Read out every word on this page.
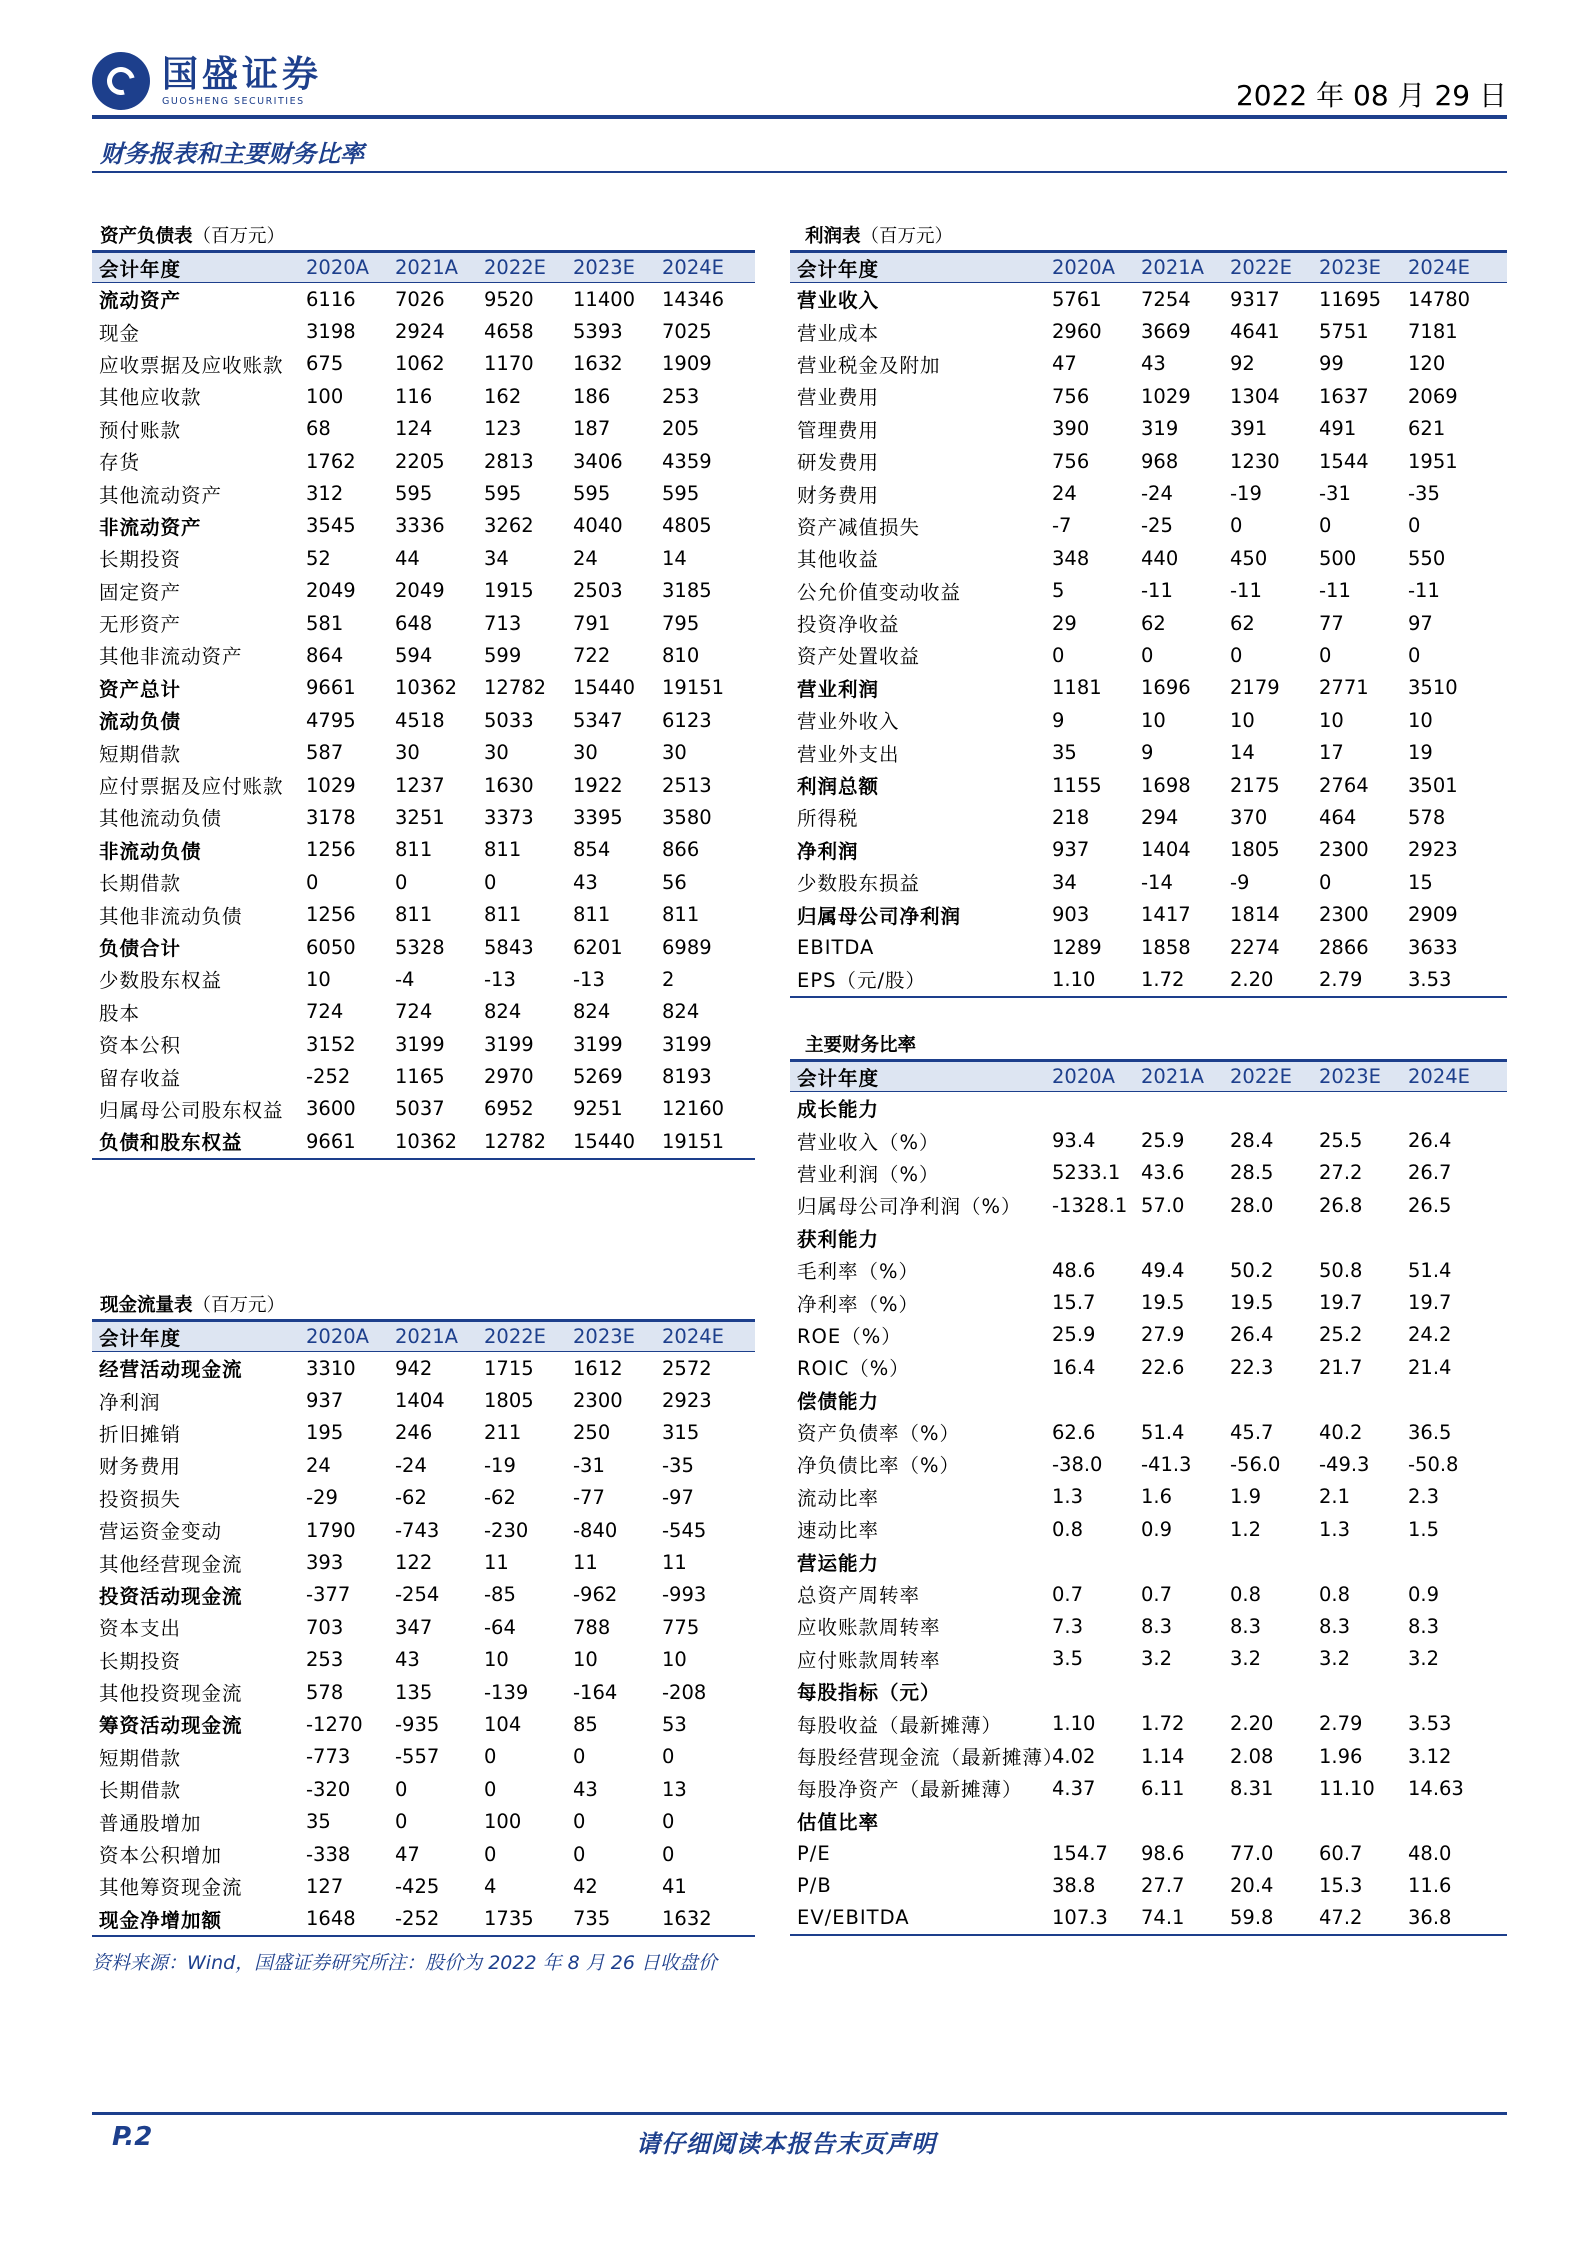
国盛证券
GUOSHENG SECURITIES	2022 年 08 月 29 日
财务报表和主要财务比率
资产负债表（百万元）
会计年度	2020A	2021A	2022E	2023E	2024E
流动资产	6116	7026	9520	11400	14346
现金	3198	2924	4658	5393	7025
应收票据及应收账款	675	1062	1170	1632	1909
其他应收款	100	116	162	186	253
预付账款	68	124	123	187	205
存货	1762	2205	2813	3406	4359
其他流动资产	312	595	595	595	595
非流动资产	3545	3336	3262	4040	4805
长期投资	52	44	34	24	14
固定资产	2049	2049	1915	2503	3185
无形资产	581	648	713	791	795
其他非流动资产	864	594	599	722	810
资产总计	9661	10362	12782	15440	19151
流动负债	4795	4518	5033	5347	6123
短期借款	587	30	30	30	30
应付票据及应付账款	1029	1237	1630	1922	2513
其他流动负债	3178	3251	3373	3395	3580
非流动负债	1256	811	811	854	866
长期借款	0	0	0	43	56
其他非流动负债	1256	811	811	811	811
负债合计	6050	5328	5843	6201	6989
少数股东权益	10	-4	-13	-13	2
股本	724	724	824	824	824
资本公积	3152	3199	3199	3199	3199
留存收益	-252	1165	2970	5269	8193
归属母公司股东权益	3600	5037	6952	9251	12160
负债和股东权益	9661	10362	12782	15440	19151
利润表（百万元）
会计年度	2020A	2021A	2022E	2023E	2024E
营业收入	5761	7254	9317	11695	14780
营业成本	2960	3669	4641	5751	7181
营业税金及附加	47	43	92	99	120
营业费用	756	1029	1304	1637	2069
管理费用	390	319	391	491	621
研发费用	756	968	1230	1544	1951
财务费用	24	-24	-19	-31	-35
资产减值损失	-7	-25	0	0	0
其他收益	348	440	450	500	550
公允价值变动收益	5	-11	-11	-11	-11
投资净收益	29	62	62	77	97
资产处置收益	0	0	0	0	0
营业利润	1181	1696	2179	2771	3510
营业外收入	9	10	10	10	10
营业外支出	35	9	14	17	19
利润总额	1155	1698	2175	2764	3501
所得税	218	294	370	464	578
净利润	937	1404	1805	2300	2923
少数股东损益	34	-14	-9	0	15
归属母公司净利润	903	1417	1814	2300	2909
EBITDA	1289	1858	2274	2866	3633
EPS（元/股）	1.10	1.72	2.20	2.79	3.53
主要财务比率
会计年度	2020A	2021A	2022E	2023E	2024E
成长能力					
营业收入（%）	93.4	25.9	28.4	25.5	26.4
营业利润（%）	5233.1	43.6	28.5	27.2	26.7
归属母公司净利润（%）	-1328.1	57.0	28.0	26.8	26.5
获利能力					
毛利率（%）	48.6	49.4	50.2	50.8	51.4
净利率（%）	15.7	19.5	19.5	19.7	19.7
ROE（%）	25.9	27.9	26.4	25.2	24.2
ROIC（%）	16.4	22.6	22.3	21.7	21.4
偿债能力					
资产负债率（%）	62.6	51.4	45.7	40.2	36.5
净负债比率（%）	-38.0	-41.3	-56.0	-49.3	-50.8
流动比率	1.3	1.6	1.9	2.1	2.3
速动比率	0.8	0.9	1.2	1.3	1.5
营运能力					
总资产周转率	0.7	0.7	0.8	0.8	0.9
应收账款周转率	7.3	8.3	8.3	8.3	8.3
应付账款周转率	3.5	3.2	3.2	3.2	3.2
每股指标（元）					
每股收益（最新摊薄）	1.10	1.72	2.20	2.79	3.53
每股经营现金流（最新摊薄）	4.02	1.14	2.08	1.96	3.12
每股净资产（最新摊薄）	4.37	6.11	8.31	11.10	14.63
估值比率					
P/E	154.7	98.6	77.0	60.7	48.0
P/B	38.8	27.7	20.4	15.3	11.6
EV/EBITDA	107.3	74.1	59.8	47.2	36.8
现金流量表（百万元）
会计年度	2020A	2021A	2022E	2023E	2024E
经营活动现金流	3310	942	1715	1612	2572
净利润	937	1404	1805	2300	2923
折旧摊销	195	246	211	250	315
财务费用	24	-24	-19	-31	-35
投资损失	-29	-62	-62	-77	-97
营运资金变动	1790	-743	-230	-840	-545
其他经营现金流	393	122	11	11	11
投资活动现金流	-377	-254	-85	-962	-993
资本支出	703	347	-64	788	775
长期投资	253	43	10	10	10
其他投资现金流	578	135	-139	-164	-208
筹资活动现金流	-1270	-935	104	85	53
短期借款	-773	-557	0	0	0
长期借款	-320	0	0	43	13
普通股增加	35	0	100	0	0
资本公积增加	-338	47	0	0	0
其他筹资现金流	127	-425	4	42	41
现金净增加额	1648	-252	1735	735	1632
资料来源：Wind，国盛证券研究所注：股价为 2022 年 8 月 26 日收盘价
P.2	请仔细阅读本报告末页声明
